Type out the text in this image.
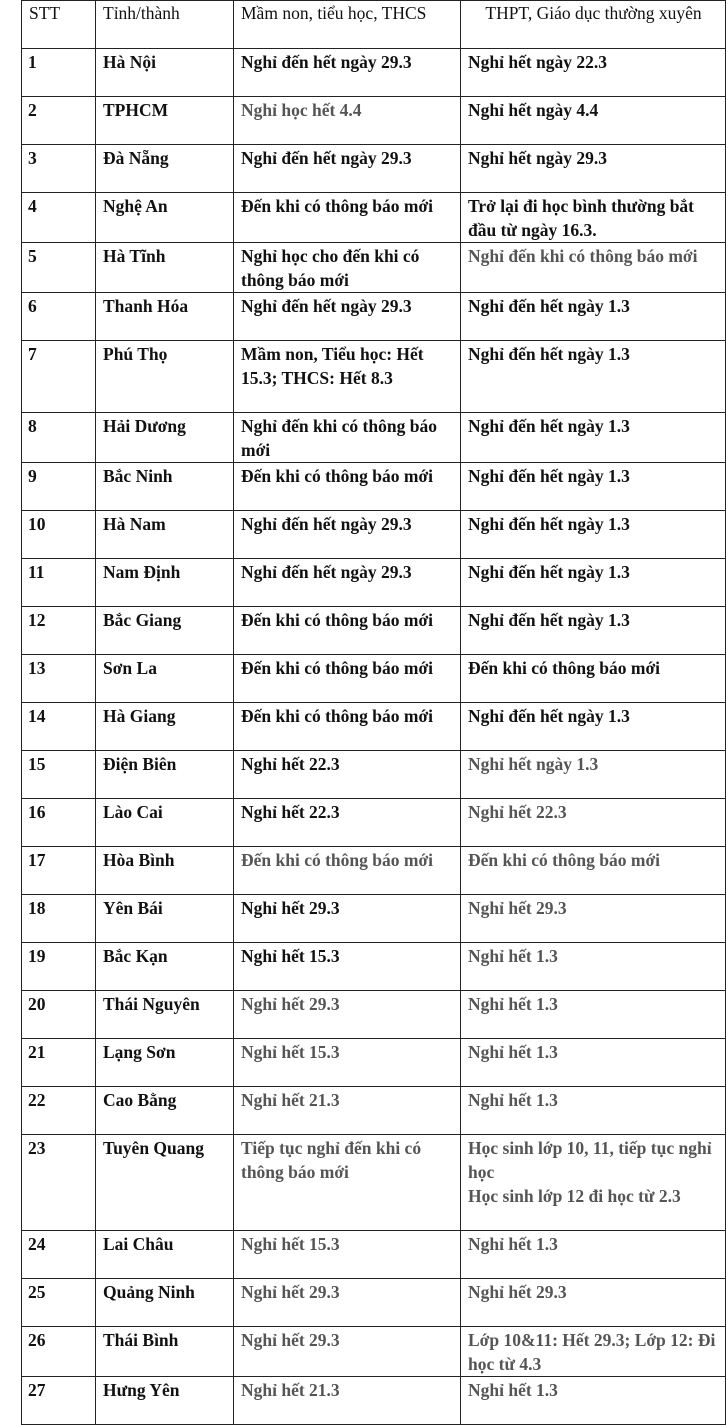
STT	Tỉnh/thành	Mầm non, tiểu học, THCS	THPT, Giáo dục thường xuyên
1	Hà Nội	Nghỉ đến hết ngày 29.3	Nghỉ hết ngày 22.3
2	TPHCM	Nghỉ học hết 4.4	Nghỉ hết ngày 4.4
3	Đà Nẵng	Nghỉ đến hết ngày 29.3	Nghỉ hết ngày 29.3
4	Nghệ An	Đến khi có thông báo mới	Trở lại đi học bình thường bắt đầu từ ngày 16.3.
5	Hà Tĩnh	Nghỉ học cho đến khi có thông báo mới	Nghỉ đến khi có thông báo mới
6	Thanh Hóa	Nghỉ đến hết ngày 29.3	Nghỉ đến hết ngày 1.3
7	Phú Thọ	Mầm non, Tiểu học: Hết 15.3; THCS: Hết 8.3	Nghỉ đến hết ngày 1.3
8	Hải Dương	Nghỉ đến khi có thông báo mới	Nghỉ đến hết ngày 1.3
9	Bắc Ninh	Đến khi có thông báo mới	Nghỉ đến hết ngày 1.3
10	Hà Nam	Nghỉ đến hết ngày 29.3	Nghỉ đến hết ngày 1.3
11	Nam Định	Nghỉ đến hết ngày 29.3	Nghỉ đến hết ngày 1.3
12	Bắc Giang	Đến khi có thông báo mới	Nghỉ đến hết ngày 1.3
13	Sơn La	Đến khi có thông báo mới	Đến khi có thông báo mới
14	Hà Giang	Đến khi có thông báo mới	Nghỉ đến hết ngày 1.3
15	Điện Biên	Nghỉ hết 22.3	Nghỉ hết ngày 1.3
16	Lào Cai	Nghỉ hết 22.3	Nghỉ hết 22.3
17	Hòa Bình	Đến khi có thông báo mới	Đến khi có thông báo mới
18	Yên Bái	Nghỉ hết 29.3	Nghỉ hết 29.3
19	Bắc Kạn	Nghỉ hết 15.3	Nghỉ hết 1.3
20	Thái Nguyên	Nghỉ hết 29.3	Nghỉ hết 1.3
21	Lạng Sơn	Nghỉ hết 15.3	Nghỉ hết 1.3
22	Cao Bằng	Nghỉ hết 21.3	Nghỉ hết 1.3
23	Tuyên Quang	Tiếp tục nghỉ đến khi có thông báo mới	Học sinh lớp 10, 11, tiếp tục nghỉ học
Học sinh lớp 12 đi học từ 2.3
24	Lai Châu	Nghỉ hết 15.3	Nghỉ hết 1.3
25	Quảng Ninh	Nghỉ hết 29.3	Nghỉ hết 29.3
26	Thái Bình	Nghỉ hết 29.3	Lớp 10&11: Hết 29.3; Lớp 12: Đi học từ 4.3
27	Hưng Yên	Nghỉ hết 21.3	Nghỉ hết 1.3
